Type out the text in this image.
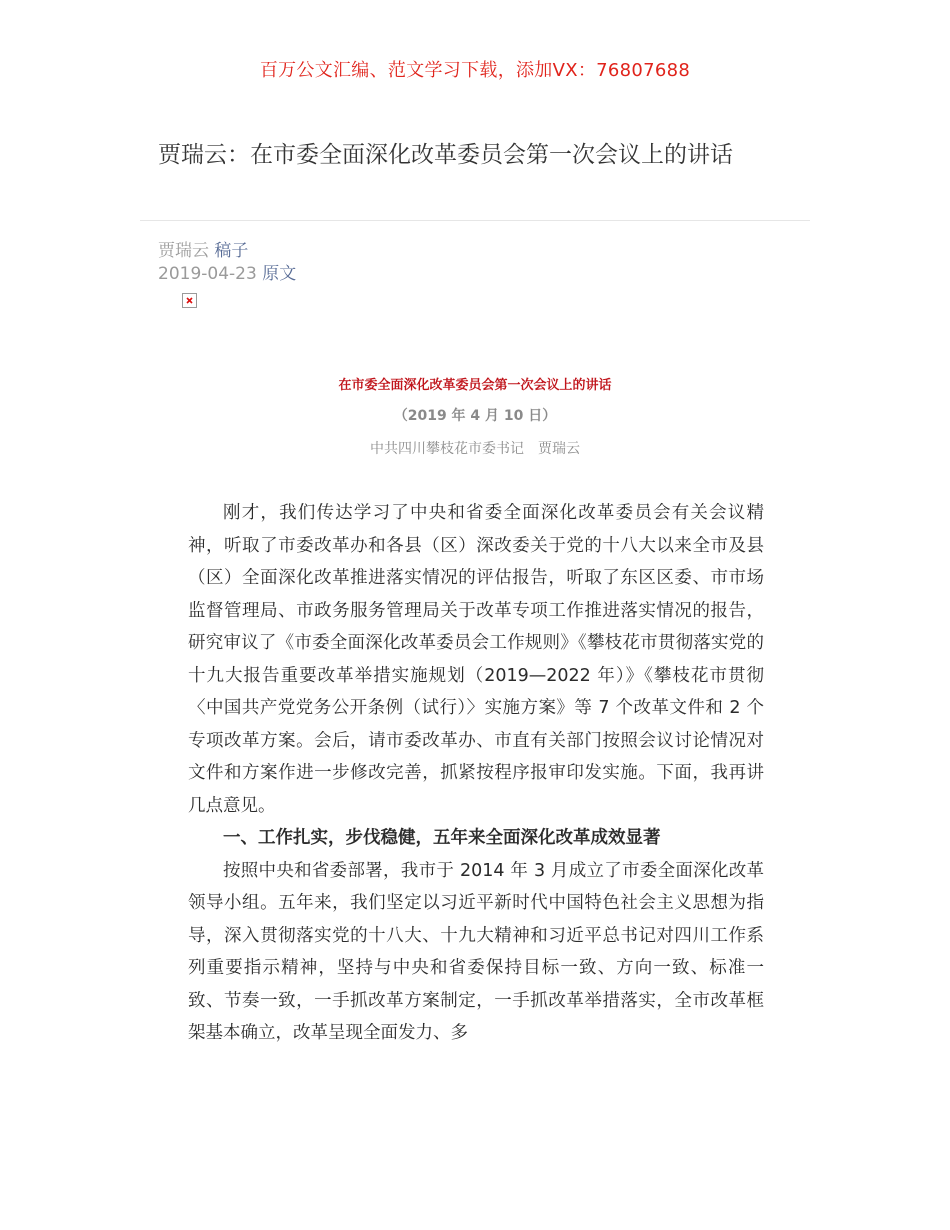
百万公文汇编、范文学习下载，添加VX：76807688
贾瑞云：在市委全面深化改革委员会第一次会议上的讲话
贾瑞云 稿子
2019-04-23 原文
在市委全面深化改革委员会第一次会议上的讲话
（2019 年 4 月 10 日）
中共四川攀枝花市委书记　贾瑞云

刚才，我们传达学习了中央和省委全面深化改革委员会有关会议精神，听取了市委改革办和各县（区）深改委关于党的十八大以来全市及县（区）全面深化改革推进落实情况的评估报告，听取了东区区委、市市场监督管理局、市政务服务管理局关于改革专项工作推进落实情况的报告，研究审议了《市委全面深化改革委员会工作规则》《攀枝花市贯彻落实党的十九大报告重要改革举措实施规划（2019—2022 年）》《攀枝花市贯彻〈中国共产党党务公开条例（试行）〉实施方案》等 7 个改革文件和 2 个专项改革方案。会后，请市委改革办、市直有关部门按照会议讨论情况对文件和方案作进一步修改完善，抓紧按程序报审印发实施。下面，我再讲几点意见。

一、工作扎实，步伐稳健，五年来全面深化改革成效显著

按照中央和省委部署，我市于 2014 年 3 月成立了市委全面深化改革领导小组。五年来，我们坚定以习近平新时代中国特色社会主义思想为指导，深入贯彻落实党的十八大、十九大精神和习近平总书记对四川工作系列重要指示精神，坚持与中央和省委保持目标一致、方向一致、标准一致、节奏一致，一手抓改革方案制定，一手抓改革举措落实，全市改革框架基本确立，改革呈现全面发力、多
